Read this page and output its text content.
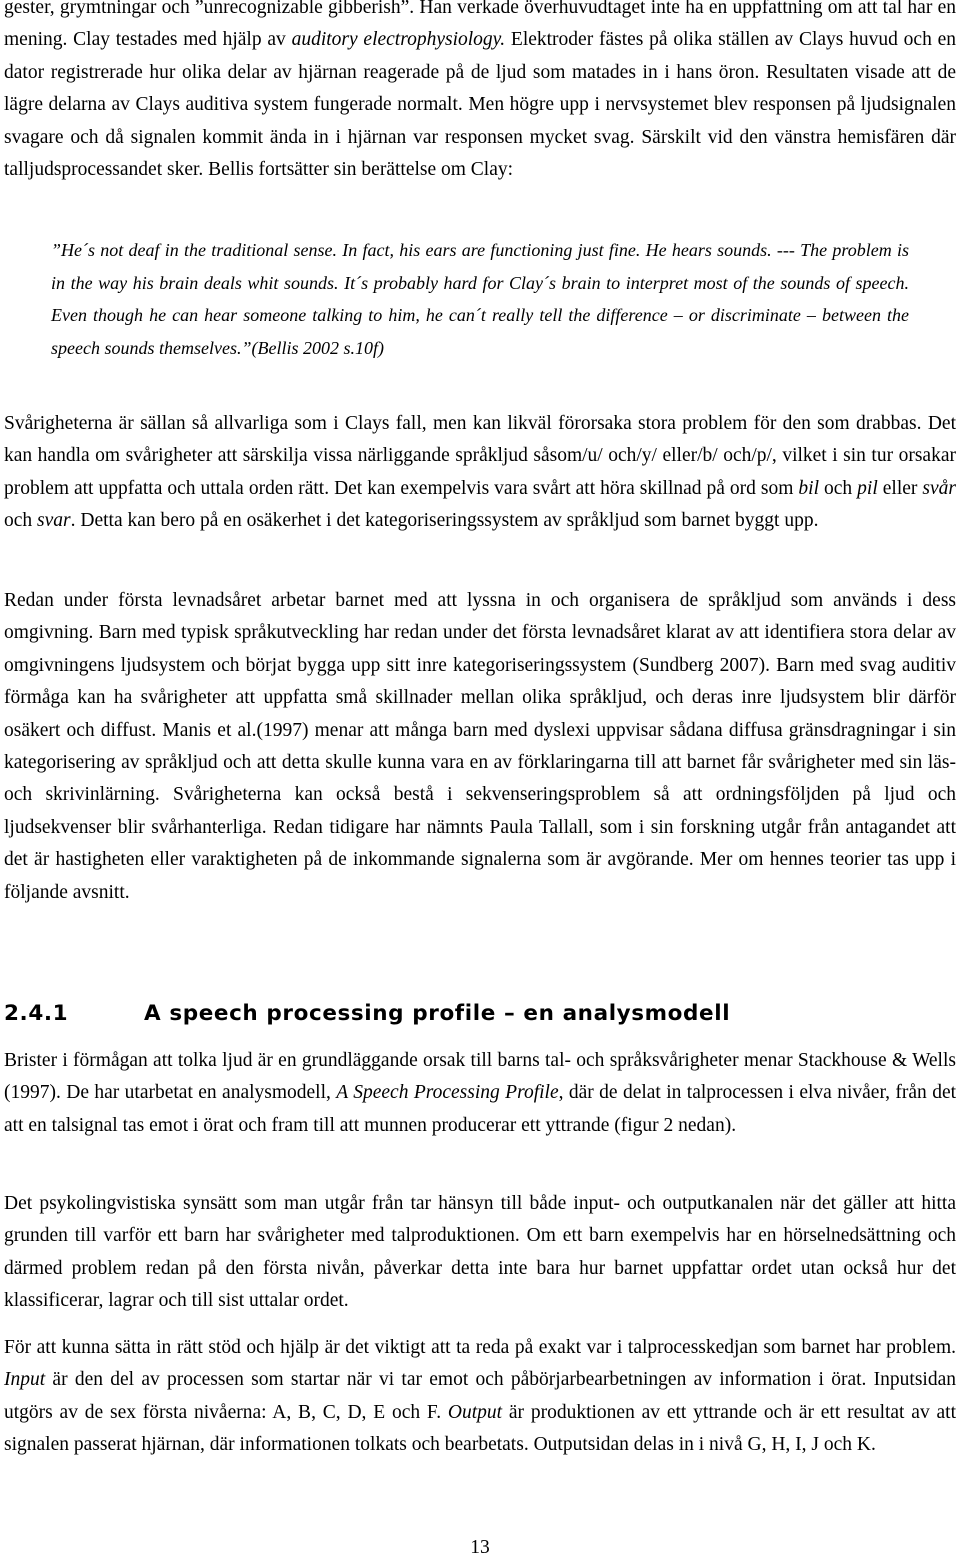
gester, grymtningar och ”unrecognizable gibberish”. Han verkade överhuvudtaget inte ha en uppfattning om att tal har en mening. Clay testades med hjälp av auditory electrophysiology. Elektroder fästes på olika ställen av Clays huvud och en dator registrerade hur olika delar av hjärnan reagerade på de ljud som matades in i hans öron. Resultaten visade att de lägre delarna av Clays auditiva system fungerade normalt. Men högre upp i nervsystemet blev responsen på ljudsignalen svagare och då signalen kommit ända in i hjärnan var responsen mycket svag. Särskilt vid den vänstra hemisfären där talljudsprocessandet sker. Bellis fortsätter sin berättelse om Clay:

”He´s not deaf in the traditional sense. In fact, his ears are functioning just fine. He hears sounds. --- The problem is in the way his brain deals whit sounds. It´s probably hard for Clay´s brain to interpret most of the sounds of speech. Even though he can hear someone talking to him, he can´t really tell the difference – or discriminate – between the speech sounds themselves.”(Bellis 2002 s.10f)

Svårigheterna är sällan så allvarliga som i Clays fall, men kan likväl förorsaka stora problem för den som drabbas. Det kan handla om svårigheter att särskilja vissa närliggande språkljud såsom/u/ och/y/ eller/b/ och/p/, vilket i sin tur orsakar problem att uppfatta och uttala orden rätt. Det kan exempelvis vara svårt att höra skillnad på ord som bil och pil eller svår och svar. Detta kan bero på en osäkerhet i det kategoriseringssystem av språkljud som barnet byggt upp.

Redan under första levnadsåret arbetar barnet med att lyssna in och organisera de språkljud som används i dess omgivning. Barn med typisk språkutveckling har redan under det första levnadsåret klarat av att identifiera stora delar av omgivningens ljudsystem och börjat bygga upp sitt inre kategoriseringssystem (Sundberg 2007). Barn med svag auditiv förmåga kan ha svårigheter att uppfatta små skillnader mellan olika språkljud, och deras inre ljudsystem blir därför osäkert och diffust. Manis et al.(1997) menar att många barn med dyslexi uppvisar sådana diffusa gränsdragningar i sin kategorisering av språkljud och att detta skulle kunna vara en av förklaringarna till att barnet får svårigheter med sin läs- och skrivinlärning. Svårigheterna kan också bestå i sekvenseringsproblem så att ordningsföljden på ljud och ljudsekvenser blir svårhanterliga. Redan tidigare har nämnts Paula Tallall, som i sin forskning utgår från antagandet att det är hastigheten eller varaktigheten på de inkommande signalerna som är avgörande. Mer om hennes teorier tas upp i följande avsnitt.

2.4.1	A speech processing profile – en analysmodell

Brister i förmågan att tolka ljud är en grundläggande orsak till barns tal- och språksvårigheter menar Stackhouse & Wells (1997). De har utarbetat en analysmodell, A Speech Processing Profile, där de delat in talprocessen i elva nivåer, från det att en talsignal tas emot i örat och fram till att munnen producerar ett yttrande (figur 2 nedan).

Det psykolingvistiska synsätt som man utgår från tar hänsyn till både input- och outputkanalen när det gäller att hitta grunden till varför ett barn har svårigheter med talproduktionen. Om ett barn exempelvis har en hörselnedsättning och därmed problem redan på den första nivån, påverkar detta inte bara hur barnet uppfattar ordet utan också hur det klassificerar, lagrar och till sist uttalar ordet.

För att kunna sätta in rätt stöd och hjälp är det viktigt att ta reda på exakt var i talprocesskedjan som barnet har problem. Input är den del av processen som startar när vi tar emot och påbörjarbearbetningen av information i örat. Inputsidan utgörs av de sex första nivåerna: A, B, C, D, E och F. Output är produktionen av ett yttrande och är ett resultat av att signalen passerat hjärnan, där informationen tolkats och bearbetats. Outputsidan delas in i nivå G, H, I, J och K.

13
